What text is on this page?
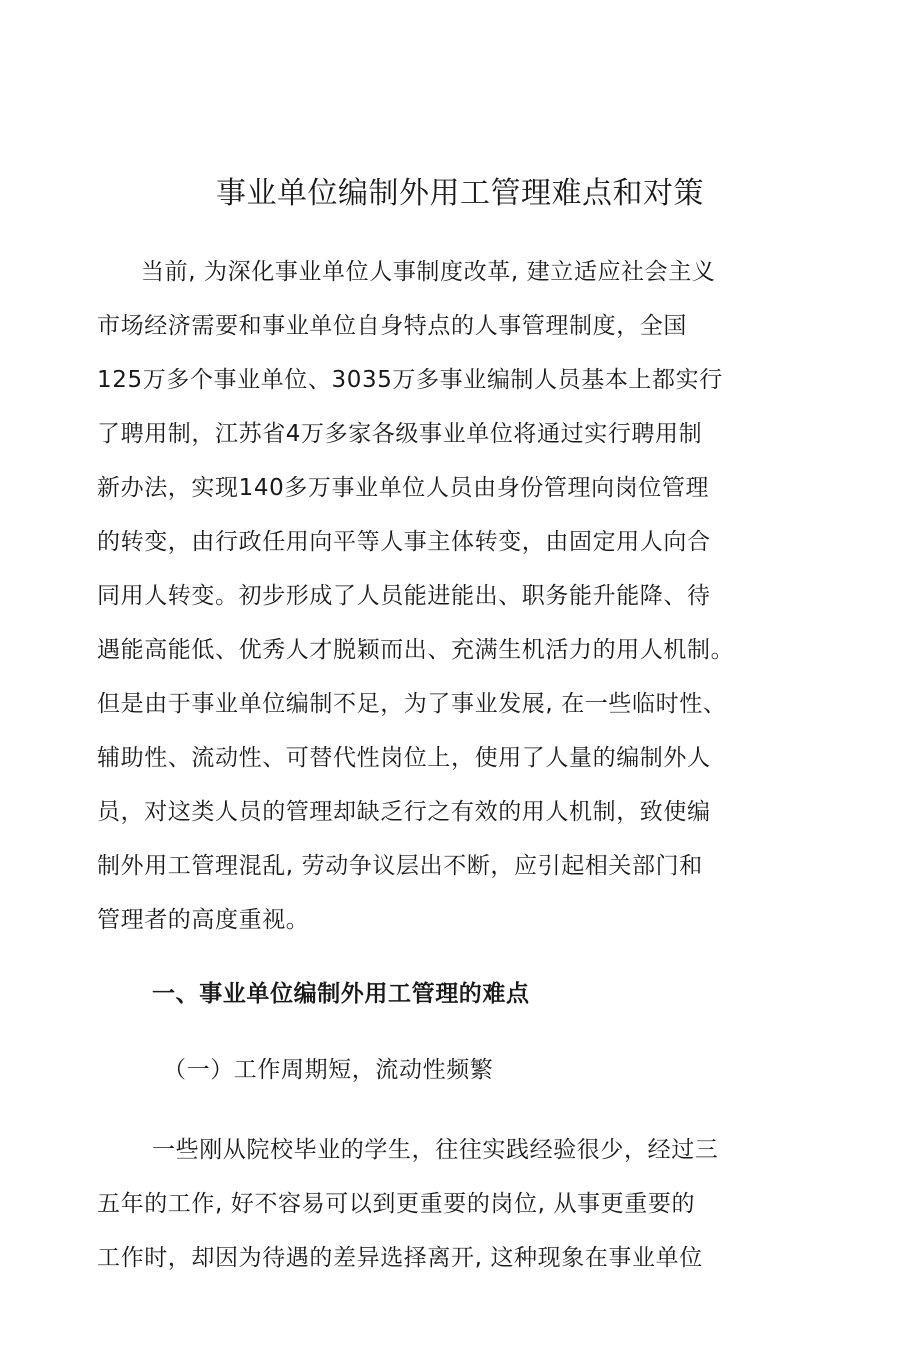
事业单位编制外用工管理难点和对策
当前, 为深化事业单位人事制度改革, 建立适应社会主义
市场经济需要和事业单位自身特点的人事管理制度，全国
125万多个事业单位、3035万多事业编制人员基本上都实行
了聘用制，江苏省4万多家各级事业单位将通过实行聘用制
新办法，实现140多万事业单位人员由身份管理向岗位管理
的转变，由行政任用向平等人事主体转变，由固定用人向合
同用人转变。初步形成了人员能进能出、职务能升能降、待
遇能高能低、优秀人才脱颖而出、充满生机活力的用人机制。
但是由于事业单位编制不足，为了事业发展, 在一些临时性、
辅助性、流动性、可替代性岗位上，使用了人量的编制外人
员，对这类人员的管理却缺乏行之有效的用人机制，致使编
制外用工管理混乱, 劳动争议层出不断，应引起相关部门和
管理者的高度重视。
一、事业单位编制外用工管理的难点
（一）工作周期短，流动性频繁
一些刚从院校毕业的学生，往往实践经验很少，经过三
五年的工作, 好不容易可以到更重要的岗位, 从事更重要的
工作时，却因为待遇的差异选择离开, 这种现象在事业单位
